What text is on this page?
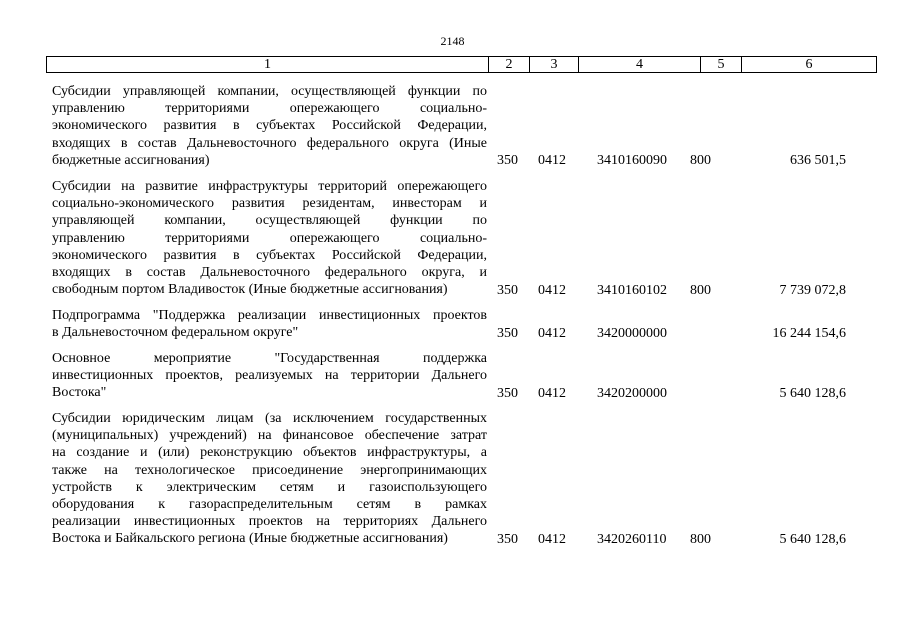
2148
1	2	3	4	5	6
Субсидии управляющей компании, осуществляющей функции по
управлению территориями опережающего социально-
экономического развития в субъектах Российской Федерации,
входящих в состав Дальневосточного федерального округа (Иные
бюджетные ассигнования)	350 0412 3410160090 800	636 501,5
Субсидии на развитие инфраструктуры территорий опережающего
социально-экономического развития резидентам, инвесторам и
управляющей компании, осуществляющей функции по
управлению территориями опережающего социально-
экономического развития в субъектах Российской Федерации,
входящих в состав Дальневосточного федерального округа, и
свободным портом Владивосток (Иные бюджетные ассигнования)	350 0412 3410160102 800	7 739 072,8
Подпрограмма "Поддержка реализации инвестиционных проектов
в Дальневосточном федеральном округе"	350 0412 3420000000	16 244 154,6
Основное мероприятие "Государственная поддержка
инвестиционных проектов, реализуемых на территории Дальнего
Востока"	350 0412 3420200000	5 640 128,6
Субсидии юридическим лицам (за исключением государственных
(муниципальных) учреждений) на финансовое обеспечение затрат
на создание и (или) реконструкцию объектов инфраструктуры, а
также на технологическое присоединение энергопринимающих
устройств к электрическим сетям и газоиспользующего
оборудования к газораспределительным сетям в рамках
реализации инвестиционных проектов на территориях Дальнего
Востока и Байкальского региона (Иные бюджетные ассигнования)	350 0412 3420260110 800	5 640 128,6
